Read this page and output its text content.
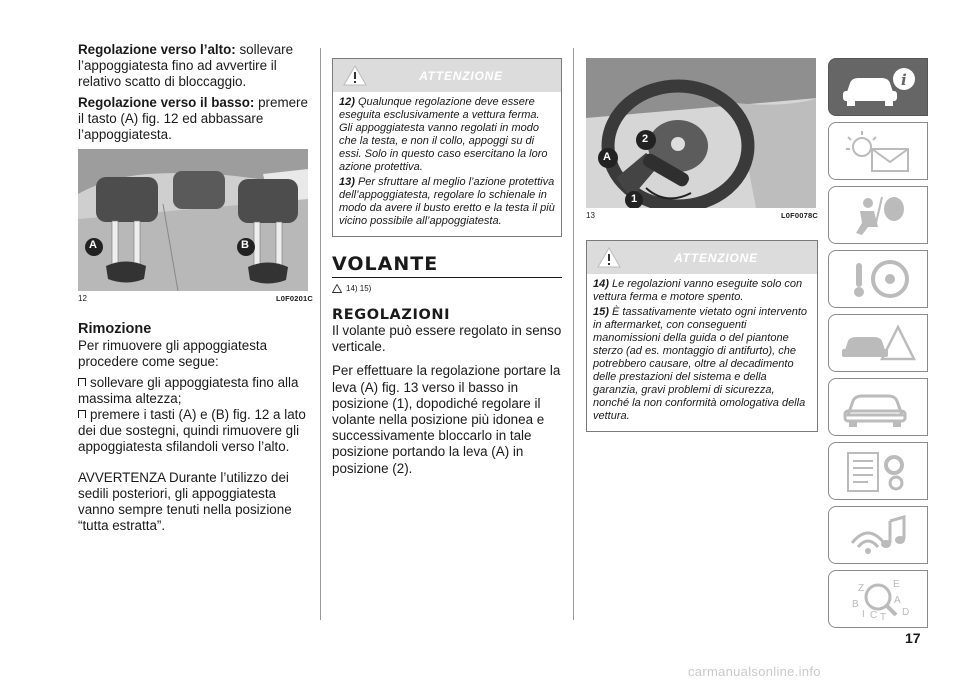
Regolazione verso l’alto: sollevare l’appoggiatesta fino ad avvertire il relativo scatto di bloccaggio.

Regolazione verso il basso: premere il tasto (A) fig. 12 ed abbassare l’appoggiatesta.

A	B
12	L0F0201C
Rimozione

Per rimuovere gli appoggiatesta procedere come segue:

sollevare gli appoggiatesta fino alla massima altezza;

premere i tasti (A) e (B) fig. 12 a lato dei due sostegni, quindi rimuovere gli appoggiatesta sfilandoli verso l’alto.

AVVERTENZA Durante l’utilizzo dei sedili posteriori, gli appoggiatesta vanno sempre tenuti nella posizione “tutta estratta”.

ATTENZIONE

12) Qualunque regolazione deve essere eseguita esclusivamente a vettura ferma. Gli appoggiatesta vanno regolati in modo che la testa, e non il collo, appoggi su di essi. Solo in questo caso esercitano la loro azione protettiva.

13) Per sfruttare al meglio l’azione protettiva dell’appoggiatesta, regolare lo schienale in modo da avere il busto eretto e la testa il più vicino possibile all’appoggiatesta.

VOLANTE
14) 15)
REGOLAZIONI

Il volante può essere regolato in senso verticale.

Per effettuare la regolazione portare la leva (A) fig. 13 verso il basso in posizione (1), dopodiché regolare il volante nella posizione più idonea e successivamente bloccarlo in tale posizione portando la leva (A) in posizione (2).

A
2
1
13	L0F0078C
ATTENZIONE

14) Le regolazioni vanno eseguite solo con vettura ferma e motore spento.

15) È tassativamente vietato ogni intervento in aftermarket, con conseguenti manomissioni della guida o del piantone sterzo (ad es. montaggio di antifurto), che potrebbero causare, oltre al decadimento delle prestazioni del sistema e della garanzia, gravi problemi di sicurezza, nonché la non conformità omologativa della vettura.

i
Z	E
B	A
I C T D
17
carmanualsonline.info
